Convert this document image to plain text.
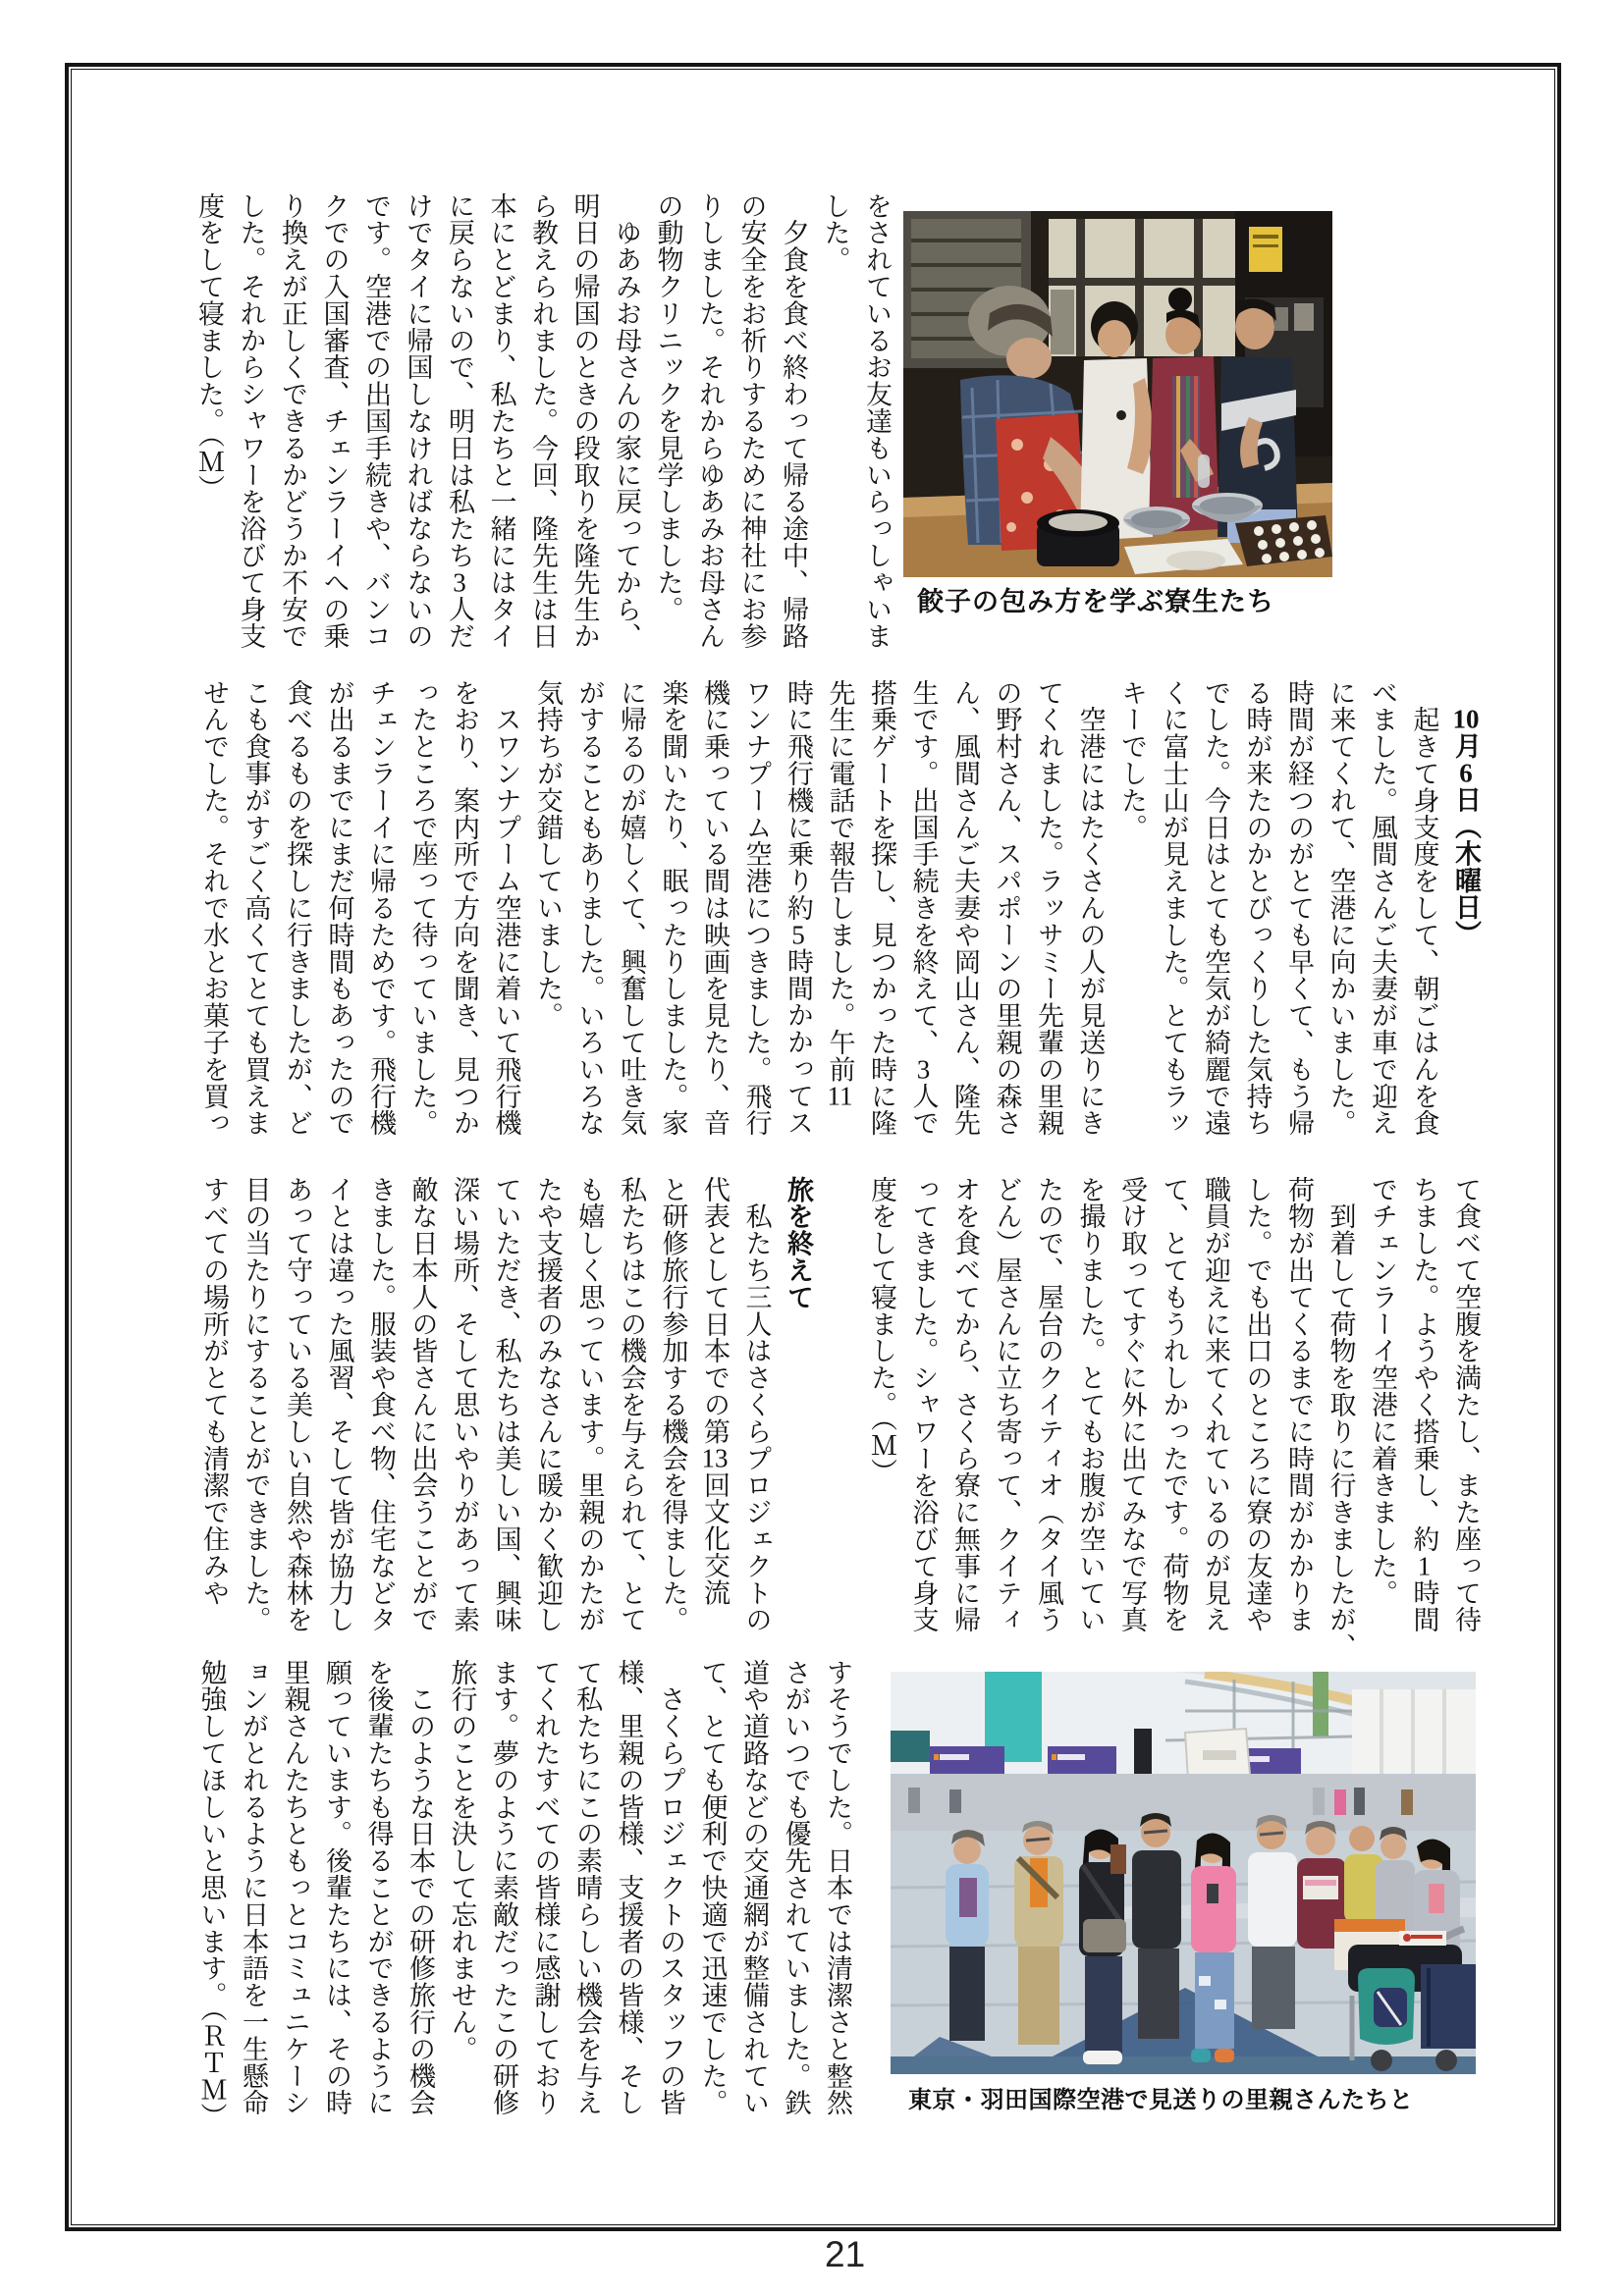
をされているお友達もいらっしゃいま
した。
　夕食を食べ終わって帰る途中、帰路
の安全をお祈りするために神社にお参
りしました。それからゆあみお母さん
の動物クリニックを見学しました。
　ゆあみお母さんの家に戻ってから、
明日の帰国のときの段取りを隆先生か
ら教えられました。今回、隆先生は日
本にとどまり、私たちと一緒にはタイ
に戻らないので、明日は私たち3人だ
けでタイに帰国しなければならないの
です。空港での出国手続きや、バンコ
クでの入国審査、チェンラーイへの乗
り換えが正しくできるかどうか不安で
した。それからシャワーを浴びて身支
度をして寝ました。（Ｍ）
餃子の包み方を学ぶ寮生たち
　10月6日（木曜日）
　起きて身支度をして、朝ごはんを食
べました。風間さんご夫妻が車で迎え
に来てくれて、空港に向かいました。
時間が経つのがとても早くて、もう帰
る時が来たのかとびっくりした気持ち
でした。今日はとても空気が綺麗で遠
くに富士山が見えました。とてもラッ
キーでした。
　空港にはたくさんの人が見送りにき
てくれました。ラッサミー先輩の里親
の野村さん、スパポーンの里親の森さ
ん、風間さんご夫妻や岡山さん、隆先
生です。出国手続きを終えて、3人で
搭乗ゲートを探し、見つかった時に隆
先生に電話で報告しました。午前11
時に飛行機に乗り約5時間かかってス
ワンナプーム空港につきました。飛行
機に乗っている間は映画を見たり、音
楽を聞いたり、眠ったりしました。家
に帰るのが嬉しくて、興奮して吐き気
がすることもありました。いろいろな
気持ちが交錯していました。
　スワンナプーム空港に着いて飛行機
をおり、案内所で方向を聞き、見つか
ったところで座って待っていました。
チェンラーイに帰るためです。飛行機
が出るまでにまだ何時間もあったので
食べるものを探しに行きましたが、ど
こも食事がすごく高くてとても買えま
せんでした。それで水とお菓子を買っ
て食べて空腹を満たし、また座って待
ちました。ようやく搭乗し、約1時間
でチェンラーイ空港に着きました。
　到着して荷物を取りに行きましたが、
荷物が出てくるまでに時間がかかりま
した。でも出口のところに寮の友達や
職員が迎えに来てくれているのが見え
て、とてもうれしかったです。荷物を
受け取ってすぐに外に出てみなで写真
を撮りました。とてもお腹が空いてい
たので、屋台のクイティオ（タイ風う
どん）屋さんに立ち寄って、クイティ
オを食べてから、さくら寮に無事に帰
ってきました。シャワーを浴びて身支
度をして寝ました。（Ｍ）
旅を終えて
　私たち三人はさくらプロジェクトの
代表として日本での第13回文化交流
と研修旅行参加する機会を得ました。
私たちはこの機会を与えられて、とて
も嬉しく思っています。里親のかたが
たや支援者のみなさんに暖かく歓迎し
ていただき、私たちは美しい国、興味
深い場所、そして思いやりがあって素
敵な日本人の皆さんに出会うことがで
きました。服装や食べ物、住宅などタ
イとは違った風習、そして皆が協力し
あって守っている美しい自然や森林を
目の当たりにすることができました。
すべての場所がとても清潔で住みや
すそうでした。日本では清潔さと整然
さがいつでも優先されていました。鉄
道や道路などの交通網が整備されてい
て、とても便利で快適で迅速でした。
　さくらプロジェクトのスタッフの皆
様、里親の皆様、支援者の皆様、そし
て私たちにこの素晴らしい機会を与え
てくれたすべての皆様に感謝しており
ます。夢のように素敵だったこの研修
旅行のことを決して忘れません。
　このような日本での研修旅行の機会
を後輩たちも得ることができるように
願っています。後輩たちには、その時
里親さんたちともっとコミュニケーシ
ョンがとれるように日本語を一生懸命
勉強してほしいと思います。（ＲＴＭ）	東京・羽田国際空港で見送りの里親さんたちと
21
